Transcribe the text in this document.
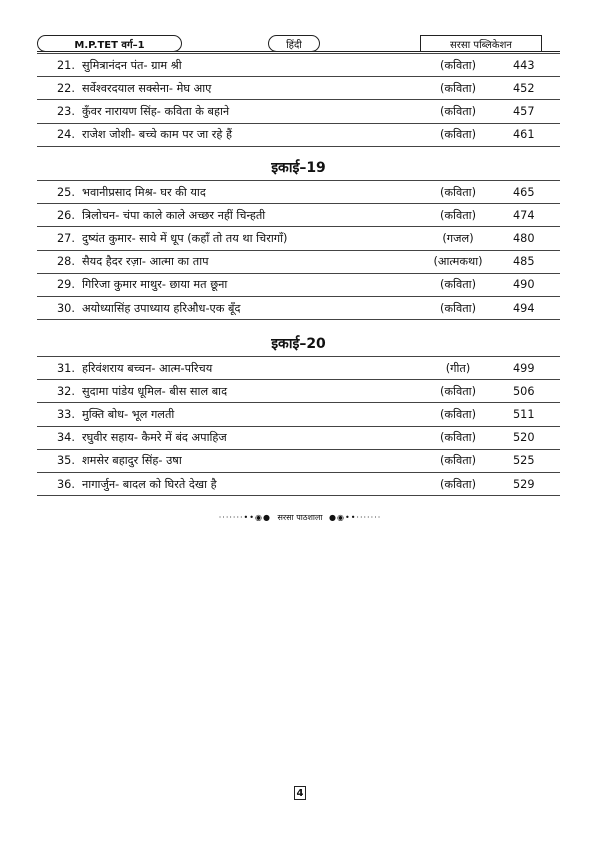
M.P.TET वर्ग–1	हिंदी	सरसा पब्लिकेशन
21.	सुमित्रानंदन पंत- ग्राम श्री	(कविता)	443
22.	सर्वेश्वरदयाल सक्सेना- मेघ आए	(कविता)	452
23.	कुँवर नारायण सिंह- कविता के बहाने	(कविता)	457
24.	राजेश जोशी- बच्चे काम पर जा रहे हैं	(कविता)	461
इकाई–19
25.	भवानीप्रसाद मिश्र- घर की याद	(कविता)	465
26.	त्रिलोचन- चंपा काले काले अच्छर नहीं चिन्हती	(कविता)	474
27.	दुष्यंत कुमार- साये में धूप (कहाँ तो तय था चिरागाँ)	(गजल)	480
28.	सैयद हैदर रज़ा- आत्मा का ताप	(आत्मकथा)	485
29.	गिरिजा कुमार माथुर- छाया मत छूना	(कविता)	490
30.	अयोध्यासिंह उपाध्याय हरिऔध-एक बूँद	(कविता)	494
इकाई–20
31.	हरिवंशराय बच्चन- आत्म-परिचय	(गीत)	499
32.	सुदामा पांडेय धूमिल- बीस साल बाद	(कविता)	506
33.	मुक्ति बोध- भूल गलती	(कविता)	511
34.	रघुवीर सहाय- कैमरे में बंद अपाहिज	(कविता)	520
35.	शमसेर बहादुर सिंह- उषा	(कविता)	525
36.	नागार्जुन- बादल को घिरते देखा है	(कविता)	529
·······••◉● सरसा पाठशाला ●◉••·······
4
